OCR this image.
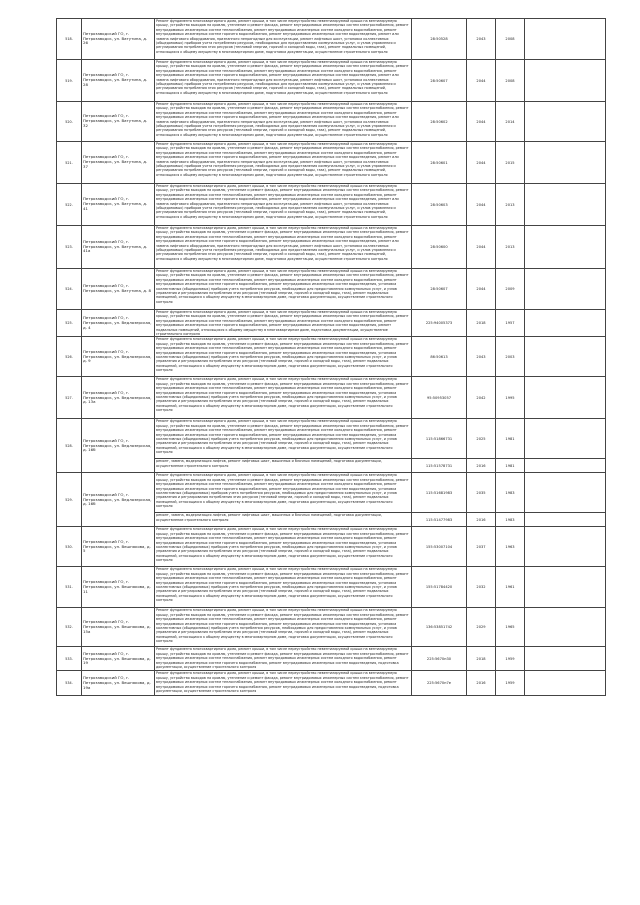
518.	Петрозаводский ГО, г. Петрозаводск, ул. Ватутина, д. 26	Ремонт фундамента многоквартирного дома, ремонт крыши, в том числе переустройство невентилируемой крыши на вентилируемую крышу, устройство выходов на кровлю, утепление и ремонт фасада, ремонт внутридомовых инженерных систем электроснабжения, ремонт внутридомовых инженерных систем теплоснабжения, ремонт внутридомовых инженерных систем холодного водоснабжения, ремонт внутридомовых инженерных систем горячего водоснабжения, ремонт внутридомовых инженерных систем водоотведения, ремонт или замена лифтового оборудования, признанного непригодным для эксплуатации, ремонт лифтовых шахт, установка коллективных (общедомовых) приборов учета потребления ресурсов, необходимых для предоставления коммунальных услуг, и узлов управления и регулирования потребления этих ресурсов (тепловой энергии, горячей и холодной воды, газа), ремонт подвальных помещений, относящихся к общему имуществу в многоквартирном доме, подготовка документации, осуществление строительного контроля	28:50528	2043	2008	
519.	Петрозаводский ГО, г. Петрозаводск, ул. Ватутина, д. 28	Ремонт фундамента многоквартирного дома, ремонт крыши, в том числе переустройство невентилируемой крыши на вентилируемую крышу, устройство выходов на кровлю, утепление и ремонт фасада, ремонт внутридомовых инженерных систем электроснабжения, ремонт внутридомовых инженерных систем теплоснабжения, ремонт внутридомовых инженерных систем холодного водоснабжения, ремонт внутридомовых инженерных систем горячего водоснабжения, ремонт внутридомовых инженерных систем водоотведения, ремонт или замена лифтового оборудования, признанного непригодным для эксплуатации, ремонт лифтовых шахт, установка коллективных (общедомовых) приборов учета потребления ресурсов, необходимых для предоставления коммунальных услуг, и узлов управления и регулирования потребления этих ресурсов (тепловой энергии, горячей и холодной воды, газа), ремонт подвальных помещений, относящихся к общему имуществу в многоквартирном доме, подготовка документации, осуществление строительного контроля	28:50607	2044	2008	
520.	Петрозаводский ГО, г. Петрозаводск, ул. Ватутина, д. 32	Ремонт фундамента многоквартирного дома, ремонт крыши, в том числе переустройство невентилируемой крыши на вентилируемую крышу, устройство выходов на кровлю, утепление и ремонт фасада, ремонт внутридомовых инженерных систем электроснабжения, ремонт внутридомовых инженерных систем теплоснабжения, ремонт внутридомовых инженерных систем холодного водоснабжения, ремонт внутридомовых инженерных систем горячего водоснабжения, ремонт внутридомовых инженерных систем водоотведения, ремонт или замена лифтового оборудования, признанного непригодным для эксплуатации, ремонт лифтовых шахт, установка коллективных (общедомовых) приборов учета потребления ресурсов, необходимых для предоставления коммунальных услуг, и узлов управления и регулирования потребления этих ресурсов (тепловой энергии, горячей и холодной воды, газа), ремонт подвальных помещений, относящихся к общему имуществу в многоквартирном доме, подготовка документации, осуществление строительного контроля	28:50602	2044	2014	
521.	Петрозаводский ГО, г. Петрозаводск, ул. Ватутина, д. 37	Ремонт фундамента многоквартирного дома, ремонт крыши, в том числе переустройство невентилируемой крыши на вентилируемую крышу, устройство выходов на кровлю, утепление и ремонт фасада, ремонт внутридомовых инженерных систем электроснабжения, ремонт внутридомовых инженерных систем теплоснабжения, ремонт внутридомовых инженерных систем холодного водоснабжения, ремонт внутридомовых инженерных систем горячего водоснабжения, ремонт внутридомовых инженерных систем водоотведения, ремонт или замена лифтового оборудования, признанного непригодным для эксплуатации, ремонт лифтовых шахт, установка коллективных (общедомовых) приборов учета потребления ресурсов, необходимых для предоставления коммунальных услуг, и узлов управления и регулирования потребления этих ресурсов (тепловой энергии, горячей и холодной воды, газа), ремонт подвальных помещений, относящихся к общему имуществу в многоквартирном доме, подготовка документации, осуществление строительного контроля	28:50601	2044	2015	
522.	Петрозаводский ГО, г. Петрозаводск, ул. Ватутина, д. 41	Ремонт фундамента многоквартирного дома, ремонт крыши, в том числе переустройство невентилируемой крыши на вентилируемую крышу, устройство выходов на кровлю, утепление и ремонт фасада, ремонт внутридомовых инженерных систем электроснабжения, ремонт внутридомовых инженерных систем теплоснабжения, ремонт внутридомовых инженерных систем холодного водоснабжения, ремонт внутридомовых инженерных систем горячего водоснабжения, ремонт внутридомовых инженерных систем водоотведения, ремонт или замена лифтового оборудования, признанного непригодным для эксплуатации, ремонт лифтовых шахт, установка коллективных (общедомовых) приборов учета потребления ресурсов, необходимых для предоставления коммунальных услуг, и узлов управления и регулирования потребления этих ресурсов (тепловой энергии, горячей и холодной воды, газа), ремонт подвальных помещений, относящихся к общему имуществу в многоквартирном доме, подготовка документации, осуществление строительного контроля	28:50603	2044	2013	
523.	Петрозаводский ГО, г. Петрозаводск, ул. Ватутина, д. 41а	Ремонт фундамента многоквартирного дома, ремонт крыши, в том числе переустройство невентилируемой крыши на вентилируемую крышу, устройство выходов на кровлю, утепление и ремонт фасада, ремонт внутридомовых инженерных систем электроснабжения, ремонт внутридомовых инженерных систем теплоснабжения, ремонт внутридомовых инженерных систем холодного водоснабжения, ремонт внутридомовых инженерных систем горячего водоснабжения, ремонт внутридомовых инженерных систем водоотведения, ремонт или замена лифтового оборудования, признанного непригодным для эксплуатации, ремонт лифтовых шахт, установка коллективных (общедомовых) приборов учета потребления ресурсов, необходимых для предоставления коммунальных услуг, и узлов управления и регулирования потребления этих ресурсов (тепловой энергии, горячей и холодной воды, газа), ремонт подвальных помещений, относящихся к общему имуществу в многоквартирном доме, подготовка документации, осуществление строительного контроля	28:50600	2044	2013	
524.	Петрозаводский ГО, г. Петрозаводск, ул. Ватутина, д. 8	Ремонт фундамента многоквартирного дома, ремонт крыши, в том числе переустройство невентилируемой крыши на вентилируемую крышу, устройство выходов на кровлю, утепление и ремонт фасада, ремонт внутридомовых инженерных систем электроснабжения, ремонт внутридомовых инженерных систем теплоснабжения, ремонт внутридомовых инженерных систем холодного водоснабжения, ремонт внутридомовых инженерных систем горячего водоснабжения, ремонт внутридомовых инженерных систем водоотведения, установка коллективных (общедомовых) приборов учета потребления ресурсов, необходимых для предоставления коммунальных услуг, и узлов управления и регулирования потребления этих ресурсов (тепловой энергии, горячей и холодной воды, газа), ремонт подвальных помещений, относящихся к общему имуществу в многоквартирном доме, подготовка документации, осуществление строительного контроля	28:50607	2044	2009	
525.	Петрозаводский ГО, г. Петрозаводск, ул. Ведлозерская, д. 4	Ремонт фундамента многоквартирного дома, ремонт крыши, в том числе переустройство невентилируемой крыши на вентилируемую крышу, устройство выходов на кровлю, утепление и ремонт фасада, ремонт внутридомовых инженерных систем электроснабжения, ремонт внутридомовых инженерных систем теплоснабжения, ремонт внутридомовых инженерных систем холодного водоснабжения, ремонт внутридомовых инженерных систем горячего водоснабжения, ремонт внутридомовых инженерных систем водоотведения, ремонт подвальных помещений, относящихся к общему имуществу в многоквартирном доме, подготовка документации, осуществление строительного контроля	225:94005373	2018	1957	
526.	Петрозаводский ГО, г. Петрозаводск, ул. Ведлозерская, д. 9	Ремонт фундамента многоквартирного дома, ремонт крыши, в том числе переустройство невентилируемой крыши на вентилируемую крышу, устройство выходов на кровлю, утепление и ремонт фасада, ремонт внутридомовых инженерных систем электроснабжения, ремонт внутридомовых инженерных систем теплоснабжения, ремонт внутридомовых инженерных систем холодного водоснабжения, ремонт внутридомовых инженерных систем горячего водоснабжения, ремонт внутридомовых инженерных систем водоотведения, установка коллективных (общедомовых) приборов учета потребления ресурсов, необходимых для предоставления коммунальных услуг, и узлов управления и регулирования потребления этих ресурсов (тепловой энергии, горячей и холодной воды, газа), ремонт подвальных помещений, относящихся к общему имуществу в многоквартирном доме, подготовка документации, осуществление строительного контроля	86:50613	2043	2003	
527.	Петрозаводский ГО, г. Петрозаводск, ул. Ведлозерская, д. 13а	Ремонт фундамента многоквартирного дома, ремонт крыши, в том числе переустройство невентилируемой крыши на вентилируемую крышу, устройство выходов на кровлю, утепление и ремонт фасада, ремонт внутридомовых инженерных систем электроснабжения, ремонт внутридомовых инженерных систем теплоснабжения, ремонт внутридомовых инженерных систем холодного водоснабжения, ремонт внутридомовых инженерных систем горячего водоснабжения, ремонт внутридомовых инженерных систем водоотведения, установка коллективных (общедомовых) приборов учета потребления ресурсов, необходимых для предоставления коммунальных услуг, и узлов управления и регулирования потребления этих ресурсов (тепловой энергии, горячей и холодной воды, газа), ремонт подвальных помещений, относящихся к общему имуществу в многоквартирном доме, подготовка документации, осуществление строительного контроля	95:50953057	2042	1995	
528.	Петрозаводский ГО, г. Петрозаводск, ул. Ведлозерская, д. 16б	Ремонт фундамента многоквартирного дома, ремонт крыши, в том числе переустройство невентилируемой крыши на вентилируемую крышу, устройство выходов на кровлю, утепление и ремонт фасада, ремонт внутридомовых инженерных систем электроснабжения, ремонт внутридомовых инженерных систем теплоснабжения, ремонт внутридомовых инженерных систем холодного водоснабжения, ремонт внутридомовых инженерных систем горячего водоснабжения, ремонт внутридомовых инженерных систем водоотведения, установка коллективных (общедомовых) приборов учета потребления ресурсов, необходимых для предоставления коммунальных услуг, и узлов управления и регулирования потребления этих ресурсов (тепловой энергии, горячей и холодной воды, газа), ремонт подвальных помещений, относящихся к общему имуществу в многоквартирном доме, подготовка документации, осуществление строительного контроля	115:51866731	2025	1981	
		ремонт, замена, модернизация лифтов, ремонт лифтовых шахт, машинных и блочных помещений, подготовка документации, осуществление строительного контроля	115:51578731	2016	1981	
529.	Петрозаводский ГО, г. Петрозаводск, ул. Ведлозерская, д. 16б	Ремонт фундамента многоквартирного дома, ремонт крыши, в том числе переустройство невентилируемой крыши на вентилируемую крышу, устройство выходов на кровлю, утепление и ремонт фасада, ремонт внутридомовых инженерных систем электроснабжения, ремонт внутридомовых инженерных систем теплоснабжения, ремонт внутридомовых инженерных систем холодного водоснабжения, ремонт внутридомовых инженерных систем горячего водоснабжения, ремонт внутридомовых инженерных систем водоотведения, установка коллективных (общедомовых) приборов учета потребления ресурсов, необходимых для предоставления коммунальных услуг, и узлов управления и регулирования потребления этих ресурсов (тепловой энергии, горячей и холодной воды, газа), ремонт подвальных помещений, относящихся к общему имуществу в многоквартирном доме, подготовка документации, осуществление строительного контроля	115:51681983	2035	1983	
		ремонт, замена, модернизация лифтов, ремонт лифтовых шахт, машинных и блочных помещений, подготовка документации, осуществление строительного контроля	115:51477983	2016	1983	
530.	Петрозаводский ГО, г. Петрозаводск, ул. Вешнякова, д. 5	Ремонт фундамента многоквартирного дома, ремонт крыши, в том числе переустройство невентилируемой крыши на вентилируемую крышу, устройство выходов на кровлю, утепление и ремонт фасада, ремонт внутридомовых инженерных систем электроснабжения, ремонт внутридомовых инженерных систем теплоснабжения, ремонт внутридомовых инженерных систем холодного водоснабжения, ремонт внутридомовых инженерных систем горячего водоснабжения, ремонт внутридомовых инженерных систем водоотведения, установка коллективных (общедомовых) приборов учета потребления ресурсов, необходимых для предоставления коммунальных услуг, и узлов управления и регулирования потребления этих ресурсов (тепловой энергии, горячей и холодной воды, газа), ремонт подвальных помещений, относящихся к общему имуществу в многоквартирном доме, подготовка документации, осуществление строительного контроля	155:53007104	2037	1963	
531.	Петрозаводский ГО, г. Петрозаводск, ул. Вешнякова, д. 11	Ремонт фундамента многоквартирного дома, ремонт крыши, в том числе переустройство невентилируемой крыши на вентилируемую крышу, устройство выходов на кровлю, утепление и ремонт фасада, ремонт внутридомовых инженерных систем электроснабжения, ремонт внутридомовых инженерных систем теплоснабжения, ремонт внутридомовых инженерных систем холодного водоснабжения, ремонт внутридомовых инженерных систем горячего водоснабжения, ремонт внутридомовых инженерных систем водоотведения, установка коллективных (общедомовых) приборов учета потребления ресурсов, необходимых для предоставления коммунальных услуг, и узлов управления и регулирования потребления этих ресурсов (тепловой энергии, горячей и холодной воды, газа), ремонт подвальных помещений, относящихся к общему имуществу в многоквартирном доме, подготовка документации, осуществление строительного контроля	155:51784420	2032	1961	
532.	Петрозаводский ГО, г. Петрозаводск, ул. Вешнякова, д. 15а	Ремонт фундамента многоквартирного дома, ремонт крыши, в том числе переустройство невентилируемой крыши на вентилируемую крышу, устройство выходов на кровлю, утепление и ремонт фасада, ремонт внутридомовых инженерных систем электроснабжения, ремонт внутридомовых инженерных систем теплоснабжения, ремонт внутридомовых инженерных систем холодного водоснабжения, ремонт внутридомовых инженерных систем горячего водоснабжения, ремонт внутридомовых инженерных систем водоотведения, установка коллективных (общедомовых) приборов учета потребления ресурсов, необходимых для предоставления коммунальных услуг, и узлов управления и регулирования потребления этих ресурсов (тепловой энергии, горячей и холодной воды, газа), ремонт подвальных помещений, относящихся к общему имуществу в многоквартирном доме, подготовка документации, осуществление строительного контроля	136:53851742	2029	1965	
533.	Петрозаводский ГО, г. Петрозаводск, ул. Вешнякова, д. 19	Ремонт фундамента многоквартирного дома, ремонт крыши, в том числе переустройство невентилируемой крыши на вентилируемую крышу, устройство выходов на кровлю, утепление и ремонт фасада, ремонт внутридомовых инженерных систем электроснабжения, ремонт внутридомовых инженерных систем теплоснабжения, ремонт внутридомовых инженерных систем холодного водоснабжения, ремонт внутридомовых инженерных систем горячего водоснабжения, ремонт внутридомовых инженерных систем водоотведения, подготовка документации, осуществление строительного контроля	225:5670п30	2018	1959	
534.	Петрозаводский ГО, г. Петрозаводск, ул. Вешнякова, д. 19а	Ремонт фундамента многоквартирного дома, ремонт крыши, в том числе переустройство невентилируемой крыши на вентилируемую крышу, устройство выходов на кровлю, утепление и ремонт фасада, ремонт внутридомовых инженерных систем электроснабжения, ремонт внутридомовых инженерных систем теплоснабжения, ремонт внутридомовых инженерных систем холодного водоснабжения, ремонт внутридомовых инженерных систем горячего водоснабжения, ремонт внутридомовых инженерных систем водоотведения, подготовка документации, осуществление строительного контроля	225:5670п7е	2016	1959	
